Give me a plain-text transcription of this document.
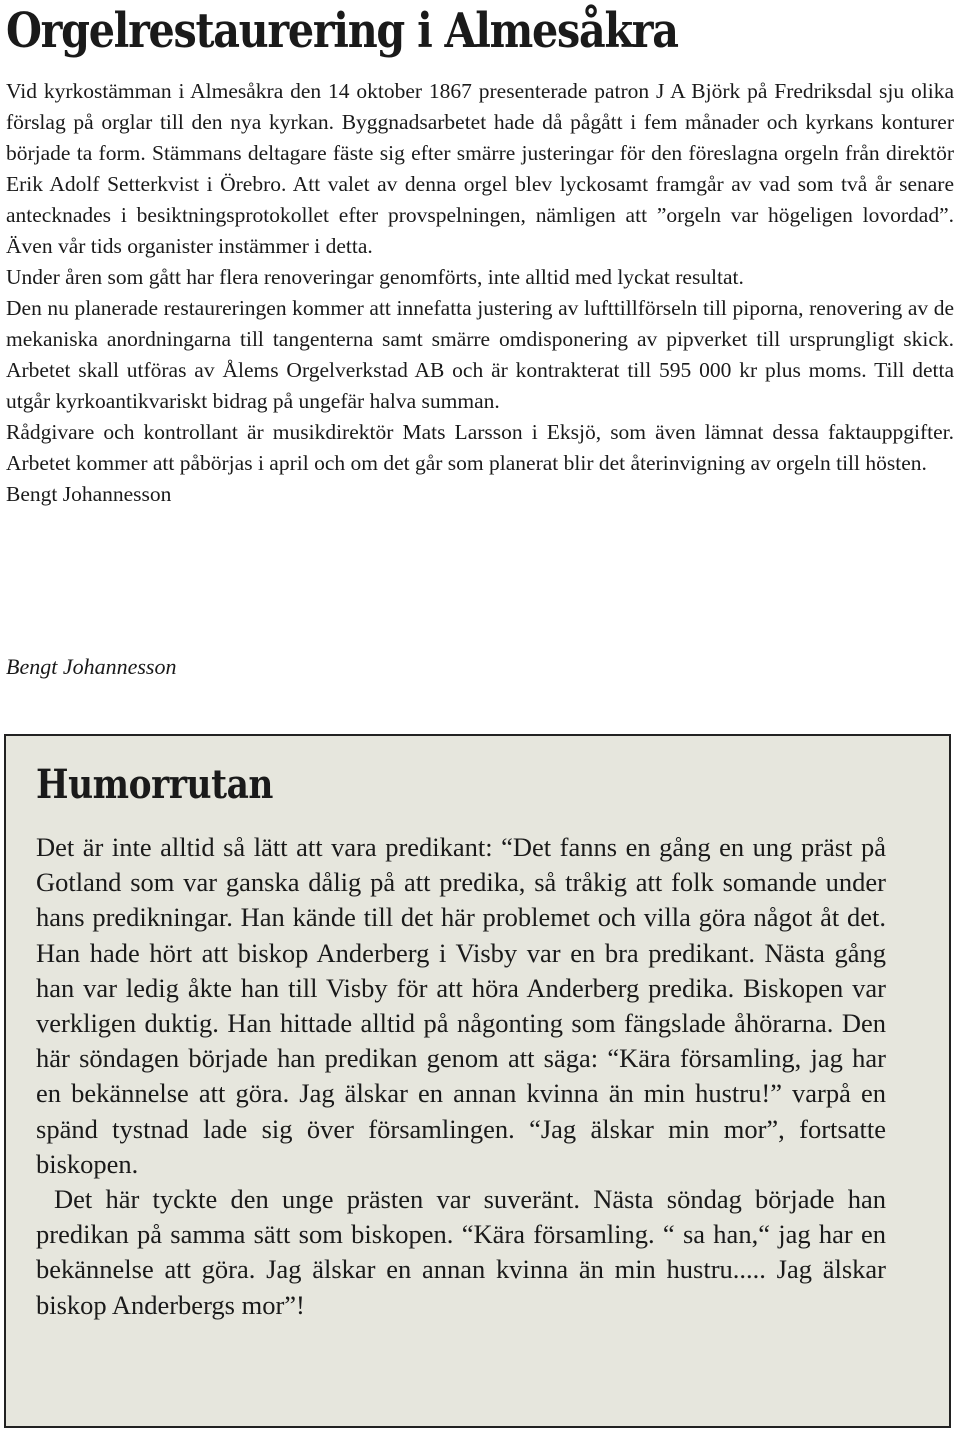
Orgelrestaurering i Almesåkra

Vid kyrkostämman i Almesåkra den 14 oktober 1867 presenterade patron J A Björk på Fredriksdal sju olika förslag på orglar till den nya kyrkan. Byggnadsarbetet hade då pågått i fem månader och kyrkans konturer började ta form. Stämmans deltagare fäste sig efter smärre justeringar för den föreslagna orgeln från direktör Erik Adolf Setterkvist i Örebro. Att valet av denna orgel blev lyckosamt framgår av vad som två år senare antecknades i besiktningsprotokollet efter provspelningen, nämligen att ”orgeln var högeligen lovordad”. Även vår tids organister instämmer i detta.

Under åren som gått har flera renoveringar genomförts, inte alltid med lyckat resultat.

Den nu planerade restaureringen kommer att innefatta justering av lufttillförseln till piporna, renovering av de mekaniska anordningarna till tangenterna samt smärre omdisponering av pipverket till ursprungligt skick. Arbetet skall utföras av Ålems Orgelverkstad AB och är kontrakterat till 595 000 kr plus moms. Till detta utgår kyrkoantikvariskt bidrag på ungefär halva summan.

Rådgivare och kontrollant är musikdirektör Mats Larsson i Eksjö, som även lämnat dessa faktauppgifter. Arbetet kommer att påbörjas i april och om det går som planerat blir det återinvigning av orgeln till hösten.

Bengt Johannesson

Bengt Johannesson
Humorrutan

Det är inte alltid så lätt att vara predikant: “Det fanns en gång en ung präst på Gotland som var ganska dålig på att predika, så tråkig att folk somande under hans predikningar. Han kände till det här problemet och villa göra något åt det. Han hade hört att biskop Anderberg i Visby var en bra predikant. Nästa gång han var ledig åkte han till Visby för att höra Anderberg predika. Biskopen var verkligen duktig. Han hittade alltid på någonting som fängslade åhörarna. Den här söndagen började han predikan genom att säga: “Kära församling, jag har en bekännelse att göra. Jag älskar en annan kvinna än min hustru!” varpå en spänd tystnad lade sig över församlingen. “Jag älskar min mor”, fortsatte biskopen.

Det här tyckte den unge prästen var suveränt. Nästa söndag började han predikan på samma sätt som biskopen. “Kära församling. “ sa han,“ jag har en bekännelse att göra. Jag älskar en annan kvinna än min hustru..... Jag älskar biskop Anderbergs mor”!
